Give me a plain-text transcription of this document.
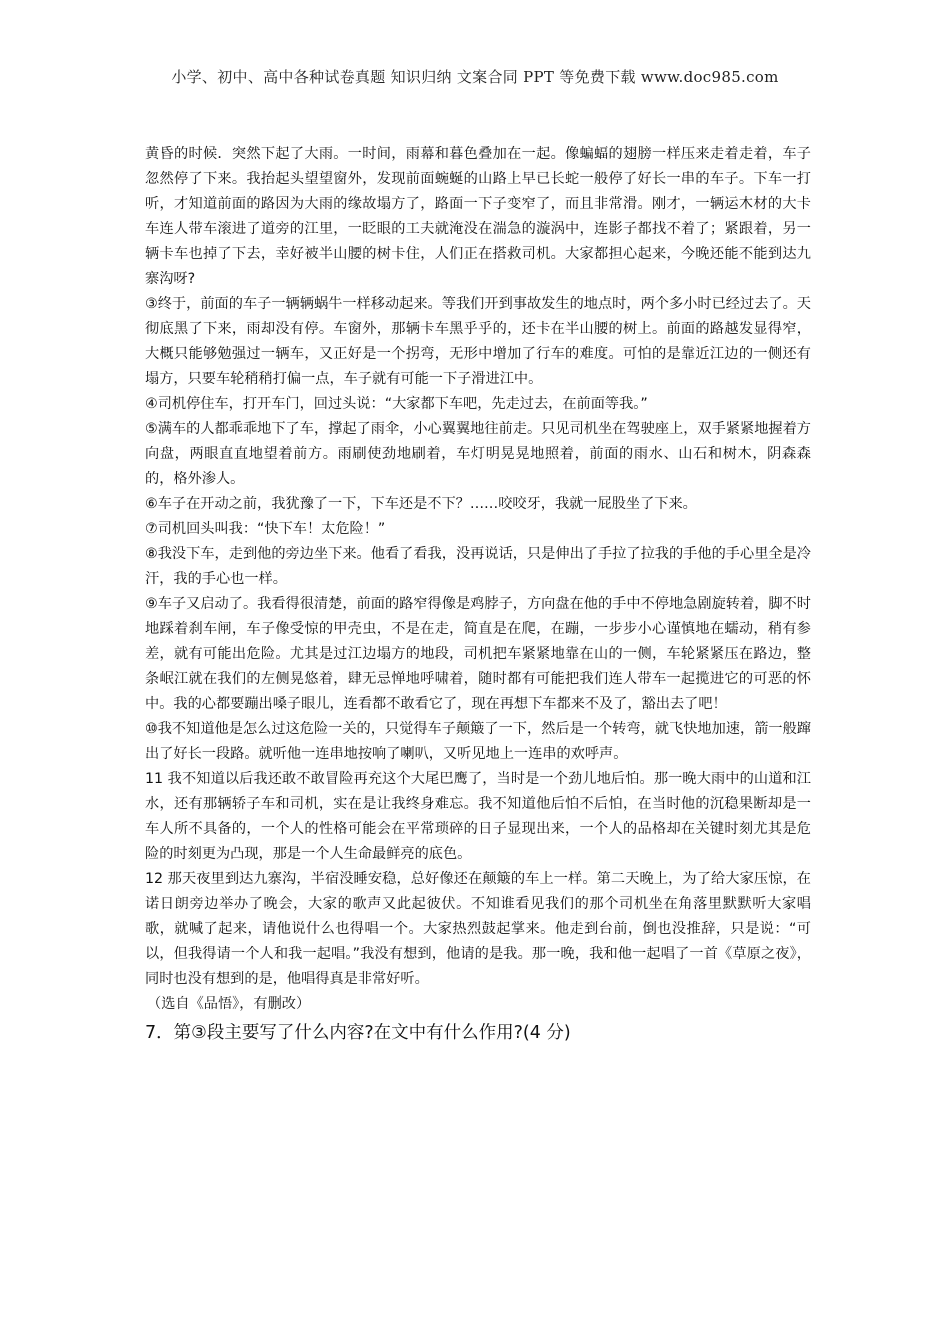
小学、初中、高中各种试卷真题 知识归纳 文案合同 PPT 等免费下载 www.doc985.com

黄昏的时候．突然下起了大雨。一时间，雨幕和暮色叠加在一起。像蝙蝠的翅膀一样压来走着走着，车子忽然停了下来。我抬起头望望窗外，发现前面蜿蜒的山路上早已长蛇一般停了好长一串的车子。下车一打听，才知道前面的路因为大雨的缘故塌方了，路面一下子变窄了，而且非常滑。刚才，一辆运木材的大卡车连人带车滚进了道旁的江里，一眨眼的工夫就淹没在湍急的漩涡中，连影子都找不着了；紧跟着，另一辆卡车也掉了下去，幸好被半山腰的树卡住，人们正在搭救司机。大家都担心起来，今晚还能不能到达九寨沟呀?

③终于，前面的车子一辆辆蜗牛一样移动起来。等我们开到事故发生的地点时，两个多小时已经过去了。天彻底黑了下来，雨却没有停。车窗外，那辆卡车黑乎乎的，还卡在半山腰的树上。前面的路越发显得窄，大概只能够勉强过一辆车，又正好是一个拐弯，无形中增加了行车的难度。可怕的是靠近江边的一侧还有塌方，只要车轮稍稍打偏一点，车子就有可能一下子滑进江中。

④司机停住车，打开车门，回过头说：“大家都下车吧，先走过去，在前面等我。”

⑤满车的人都乖乖地下了车，撑起了雨伞，小心翼翼地往前走。只见司机坐在驾驶座上，双手紧紧地握着方向盘，两眼直直地望着前方。雨刷使劲地刷着，车灯明晃晃地照着，前面的雨水、山石和树木，阴森森的，格外渗人。

⑥车子在开动之前，我犹豫了一下，下车还是不下？……咬咬牙，我就一屁股坐了下来。

⑦司机回头叫我：“快下车！太危险！”

⑧我没下车，走到他的旁边坐下来。他看了看我，没再说话，只是伸出了手拉了拉我的手他的手心里全是冷汗，我的手心也一样。

⑨车子又启动了。我看得很清楚，前面的路窄得像是鸡脖子，方向盘在他的手中不停地急剧旋转着，脚不时地踩着刹车闸，车子像受惊的甲壳虫，不是在走，简直是在爬，在蹦，一步步小心谨慎地在蠕动，稍有参差，就有可能出危险。尤其是过江边塌方的地段，司机把车紧紧地靠在山的一侧，车轮紧紧压在路边，整条岷江就在我们的左侧晃悠着，肆无忌惮地呼啸着，随时都有可能把我们连人带车一起揽进它的可恶的怀中。我的心都要蹦出嗓子眼儿，连看都不敢看它了，现在再想下车都来不及了，豁出去了吧！

⑩我不知道他是怎么过这危险一关的，只觉得车子颠簸了一下，然后是一个转弯，就飞快地加速，箭一般蹿出了好长一段路。就听他一连串地按响了喇叭，又听见地上一连串的欢呼声。

11 我不知道以后我还敢不敢冒险再充这个大尾巴鹰了，当时是一个劲儿地后怕。那一晚大雨中的山道和江水，还有那辆轿子车和司机，实在是让我终身难忘。我不知道他后怕不后怕，在当时他的沉稳果断却是一车人所不具备的，一个人的性格可能会在平常琐碎的日子显现出来，一个人的品格却在关键时刻尤其是危险的时刻更为凸现，那是一个人生命最鲜亮的底色。

12 那天夜里到达九寨沟，半宿没睡安稳，总好像还在颠簸的车上一样。第二天晚上，为了给大家压惊，在诺日朗旁边举办了晚会，大家的歌声又此起彼伏。不知谁看见我们的那个司机坐在角落里默默听大家唱歌，就喊了起来，请他说什么也得唱一个。大家热烈鼓起掌来。他走到台前，倒也没推辞，只是说：“可以，但我得请一个人和我一起唱。”我没有想到，他请的是我。那一晚，我和他一起唱了一首《草原之夜》，同时也没有想到的是，他唱得真是非常好听。

（选自《品悟》，有删改）

7．第③段主要写了什么内容?在文中有什么作用?(4 分)
